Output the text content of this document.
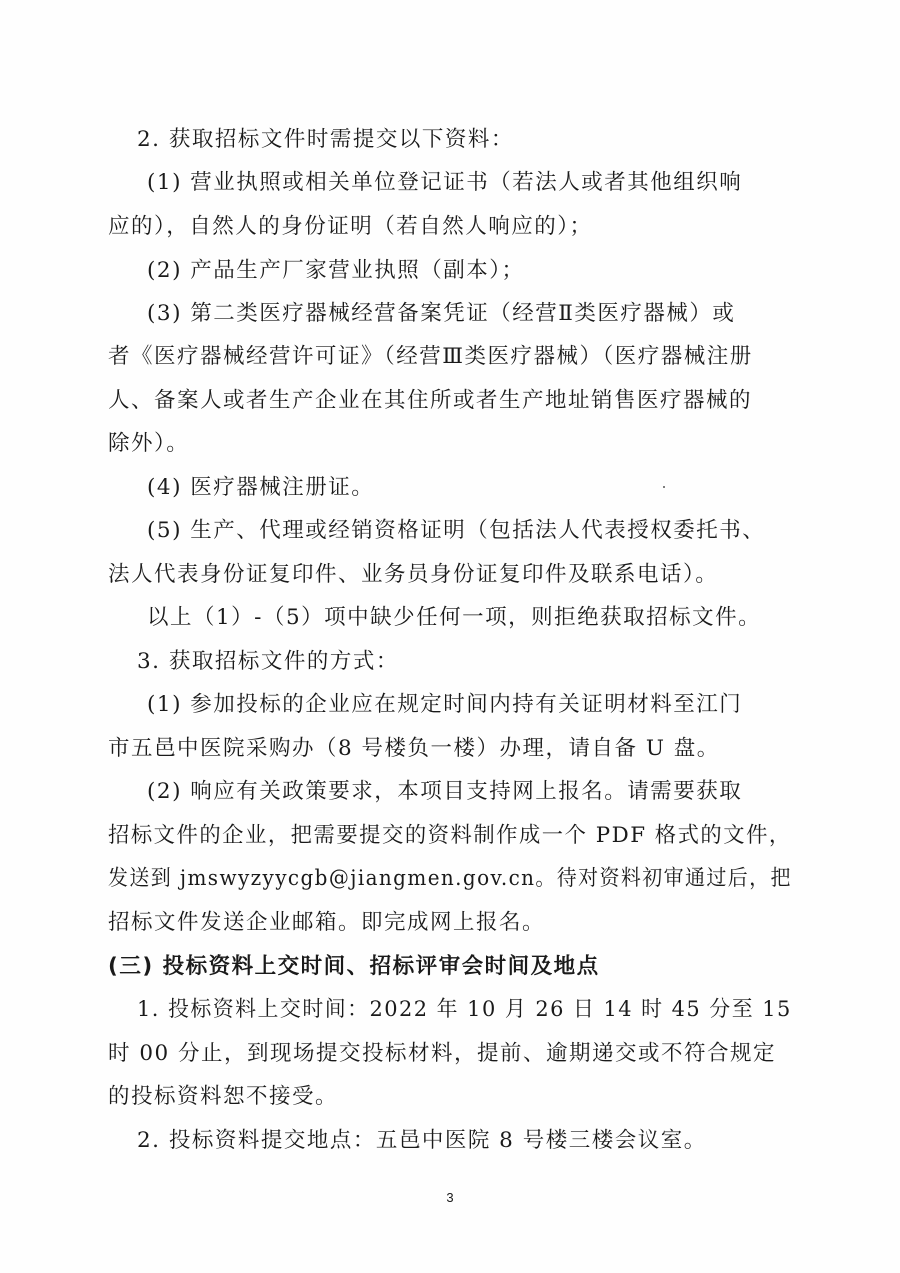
2. 获取招标文件时需提交以下资料：
(1) 营业执照或相关单位登记证书（若法人或者其他组织响
应的），自然人的身份证明（若自然人响应的）；
(2) 产品生产厂家营业执照（副本）；
(3) 第二类医疗器械经营备案凭证（经营Ⅱ类医疗器械）或
者《医疗器械经营许可证》（经营Ⅲ类医疗器械）（医疗器械注册
人、备案人或者生产企业在其住所或者生产地址销售医疗器械的
除外）。
(4) 医疗器械注册证。
(5) 生产、代理或经销资格证明（包括法人代表授权委托书、
法人代表身份证复印件、业务员身份证复印件及联系电话）。
以上（1）-（5）项中缺少任何一项，则拒绝获取招标文件。
3. 获取招标文件的方式：
(1) 参加投标的企业应在规定时间内持有关证明材料至江门
市五邑中医院采购办（8 号楼负一楼）办理，请自备 U 盘。
(2) 响应有关政策要求，本项目支持网上报名。请需要获取
招标文件的企业，把需要提交的资料制作成一个 PDF 格式的文件，
发送到 jmswyzyycgb@jiangmen.gov.cn。待对资料初审通过后，把
招标文件发送企业邮箱。即完成网上报名。
(三) 投标资料上交时间、招标评审会时间及地点
1. 投标资料上交时间：2022 年 10 月 26 日 14 时 45 分至 15
时 00 分止，到现场提交投标材料，提前、逾期递交或不符合规定
的投标资料恕不接受。
2. 投标资料提交地点：五邑中医院 8 号楼三楼会议室。
3
